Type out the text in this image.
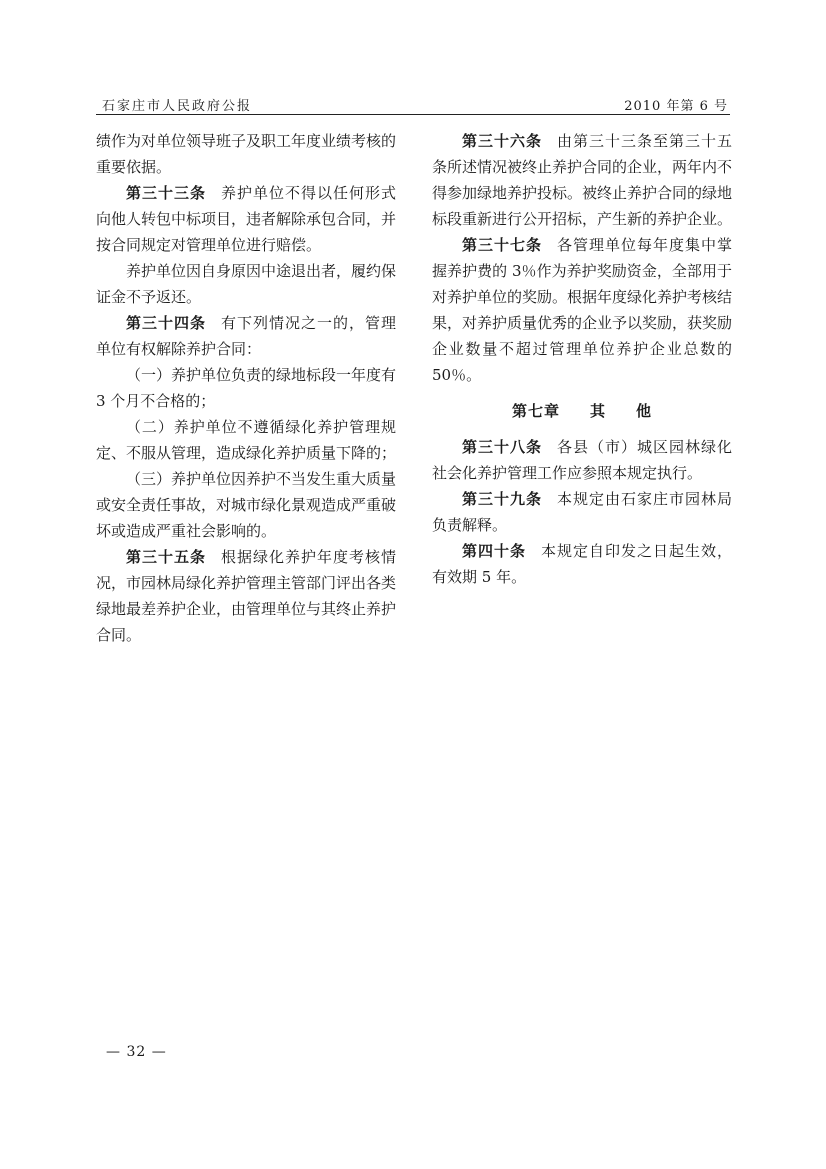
石家庄市人民政府公报	2010 年第 6 号

绩作为对单位领导班子及职工年度业绩考核的重要依据。

第三十三条 养护单位不得以任何形式向他人转包中标项目，违者解除承包合同，并按合同规定对管理单位进行赔偿。

养护单位因自身原因中途退出者，履约保证金不予返还。

第三十四条 有下列情况之一的，管理单位有权解除养护合同：

（一）养护单位负责的绿地标段一年度有 3 个月不合格的；

（二）养护单位不遵循绿化养护管理规定、不服从管理，造成绿化养护质量下降的；

（三）养护单位因养护不当发生重大质量或安全责任事故，对城市绿化景观造成严重破坏或造成严重社会影响的。

第三十五条 根据绿化养护年度考核情况，市园林局绿化养护管理主管部门评出各类绿地最差养护企业，由管理单位与其终止养护合同。

第三十六条 由第三十三条至第三十五条所述情况被终止养护合同的企业，两年内不得参加绿地养护投标。被终止养护合同的绿地标段重新进行公开招标，产生新的养护企业。

第三十七条 各管理单位每年度集中掌握养护费的 3％作为养护奖励资金，全部用于对养护单位的奖励。根据年度绿化养护考核结果，对养护质量优秀的企业予以奖励，获奖励企业数量不超过管理单位养护企业总数的 50％。

第七章 其 他

第三十八条 各县（市）城区园林绿化社会化养护管理工作应参照本规定执行。

第三十九条 本规定由石家庄市园林局负责解释。

第四十条 本规定自印发之日起生效，有效期 5 年。

— 32 —
